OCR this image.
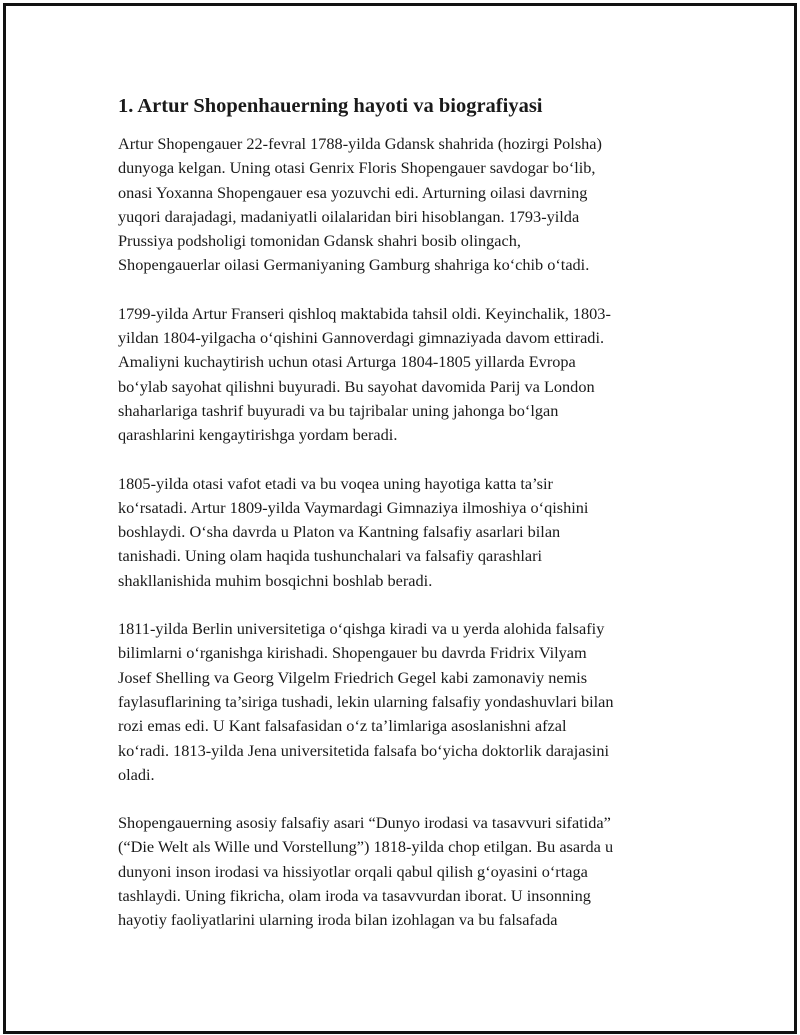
1. Artur Shopenhauerning hayoti va biografiyasi
Artur Shopengauer 22-fevral 1788-yilda Gdansk shahrida (hozirgi Polsha)
dunyoga kelgan. Uning otasi Genrix Floris Shopengauer savdogar bo‘lib,
onasi Yoxanna Shopengauer esa yozuvchi edi. Arturning oilasi davrning
yuqori darajadagi, madaniyatli oilalaridan biri hisoblangan. 1793-yilda
Prussiya podsholigi tomonidan Gdansk shahri bosib olingach,
Shopengauerlar oilasi Germaniyaning Gamburg shahriga ko‘chib o‘tadi.
1799-yilda Artur Franseri qishloq maktabida tahsil oldi. Keyinchalik, 1803-
yildan 1804-yilgacha o‘qishini Gannoverdagi gimnaziyada davom ettiradi.
Amaliyni kuchaytirish uchun otasi Arturga 1804-1805 yillarda Evropa
bo‘ylab sayohat qilishni buyuradi. Bu sayohat davomida Parij va London
shaharlariga tashrif buyuradi va bu tajribalar uning jahonga bo‘lgan
qarashlarini kengaytirishga yordam beradi.
1805-yilda otasi vafot etadi va bu voqea uning hayotiga katta ta’sir
ko‘rsatadi. Artur 1809-yilda Vaymardagi Gimnaziya ilmoshiya o‘qishini
boshlaydi. O‘sha davrda u Platon va Kantning falsafiy asarlari bilan
tanishadi. Uning olam haqida tushunchalari va falsafiy qarashlari
shakllanishida muhim bosqichni boshlab beradi.
1811-yilda Berlin universitetiga o‘qishga kiradi va u yerda alohida falsafiy
bilimlarni o‘rganishga kirishadi. Shopengauer bu davrda Fridrix Vilyam
Josef Shelling va Georg Vilgelm Friedrich Gegel kabi zamonaviy nemis
faylasuflarining ta’siriga tushadi, lekin ularning falsafiy yondashuvlari bilan
rozi emas edi. U Kant falsafasidan o‘z ta’limlariga asoslanishni afzal
ko‘radi. 1813-yilda Jena universitetida falsafa bo‘yicha doktorlik darajasini
oladi.
Shopengauerning asosiy falsafiy asari “Dunyo irodasi va tasavvuri sifatida”
(“Die Welt als Wille und Vorstellung”) 1818-yilda chop etilgan. Bu asarda u
dunyoni inson irodasi va hissiyotlar orqali qabul qilish g‘oyasini o‘rtaga
tashlaydi. Uning fikricha, olam iroda va tasavvurdan iborat. U insonning
hayotiy faoliyatlarini ularning iroda bilan izohlagan va bu falsafada
